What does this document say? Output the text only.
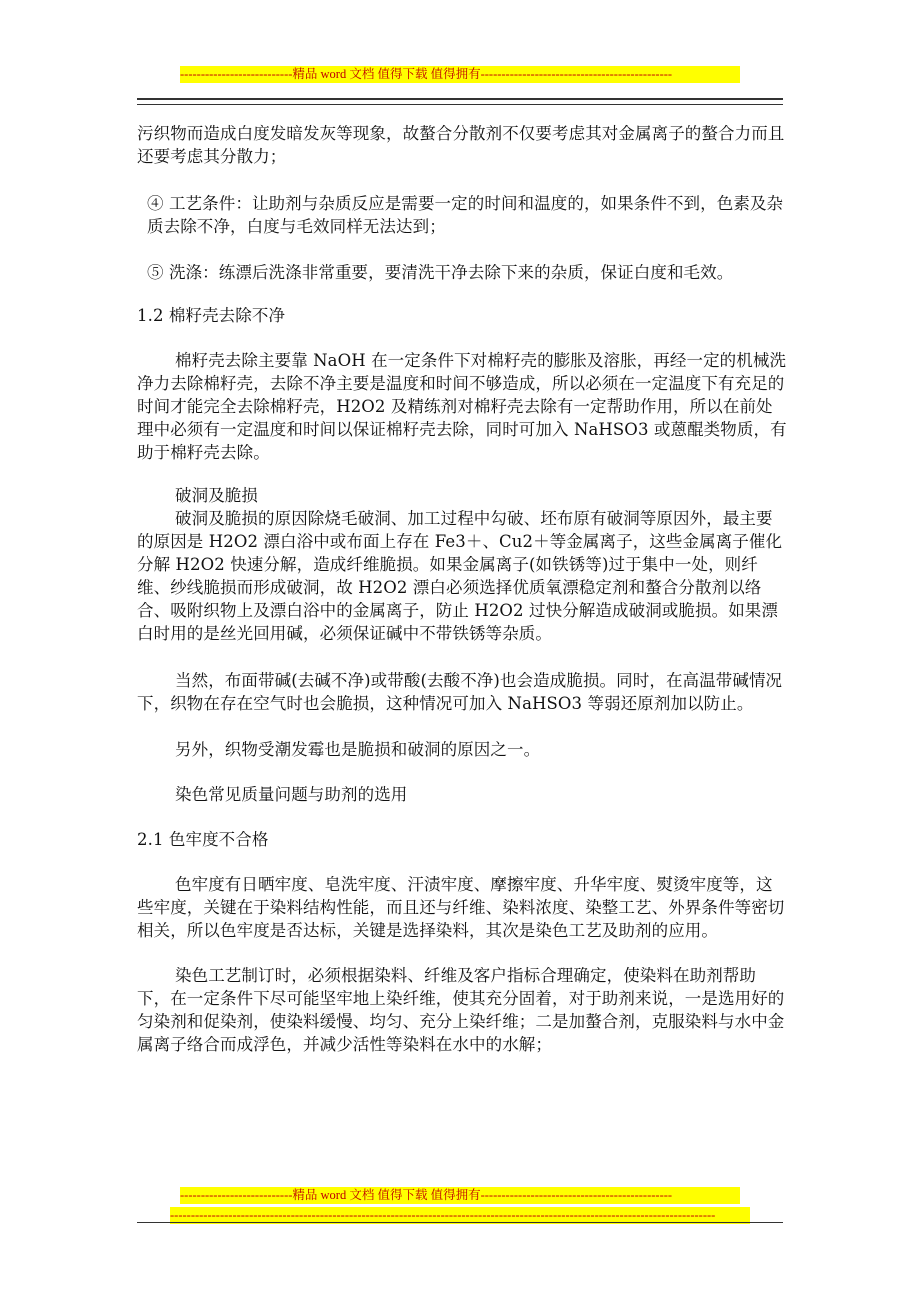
---------------------------精品 word 文档 值得下载 值得拥有----------------------------------------------

污织物而造成白度发暗发灰等现象，故螯合分散剂不仅要考虑其对金属离子的螯合力而且还要考虑其分散力；

④ 工艺条件：让助剂与杂质反应是需要一定的时间和温度的，如果条件不到，色素及杂质去除不净，白度与毛效同样无法达到；

⑤ 洗涤：练漂后洗涤非常重要，要清洗干净去除下来的杂质，保证白度和毛效。

1.2 棉籽壳去除不净

棉籽壳去除主要靠 NaOH 在一定条件下对棉籽壳的膨胀及溶胀，再经一定的机械洗净力去除棉籽壳，去除不净主要是温度和时间不够造成，所以必须在一定温度下有充足的时间才能完全去除棉籽壳，H2O2 及精练剂对棉籽壳去除有一定帮助作用，所以在前处理中必须有一定温度和时间以保证棉籽壳去除，同时可加入 NaHSO3 或蒽醌类物质，有助于棉籽壳去除。

破洞及脆损

破洞及脆损的原因除烧毛破洞、加工过程中勾破、坯布原有破洞等原因外，最主要的原因是 H2O2 漂白浴中或布面上存在 Fe3＋、Cu2＋等金属离子，这些金属离子催化分解 H2O2 快速分解，造成纤维脆损。如果金属离子(如铁锈等)过于集中一处，则纤维、纱线脆损而形成破洞，故 H2O2 漂白必须选择优质氧漂稳定剂和螯合分散剂以络合、吸附织物上及漂白浴中的金属离子，防止 H2O2 过快分解造成破洞或脆损。如果漂白时用的是丝光回用碱，必须保证碱中不带铁锈等杂质。

当然，布面带碱(去碱不净)或带酸(去酸不净)也会造成脆损。同时，在高温带碱情况下，织物在存在空气时也会脆损，这种情况可加入 NaHSO3 等弱还原剂加以防止。

另外，织物受潮发霉也是脆损和破洞的原因之一。

染色常见质量问题与助剂的选用

2.1 色牢度不合格

色牢度有日晒牢度、皂洗牢度、汗渍牢度、摩擦牢度、升华牢度、熨烫牢度等，这些牢度，关键在于染料结构性能，而且还与纤维、染料浓度、染整工艺、外界条件等密切相关，所以色牢度是否达标，关键是选择染料，其次是染色工艺及助剂的应用。

染色工艺制订时，必须根据染料、纤维及客户指标合理确定，使染料在助剂帮助下，在一定条件下尽可能坚牢地上染纤维，使其充分固着，对于助剂来说，一是选用好的匀染剂和促染剂，使染料缓慢、均匀、充分上染纤维；二是加螯合剂，克服染料与水中金属离子络合而成浮色，并减少活性等染料在水中的水解；

---------------------------精品 word 文档 值得下载 值得拥有----------------------------------------------
-----------------------------------------------------------------------------------------------------------------------------------
